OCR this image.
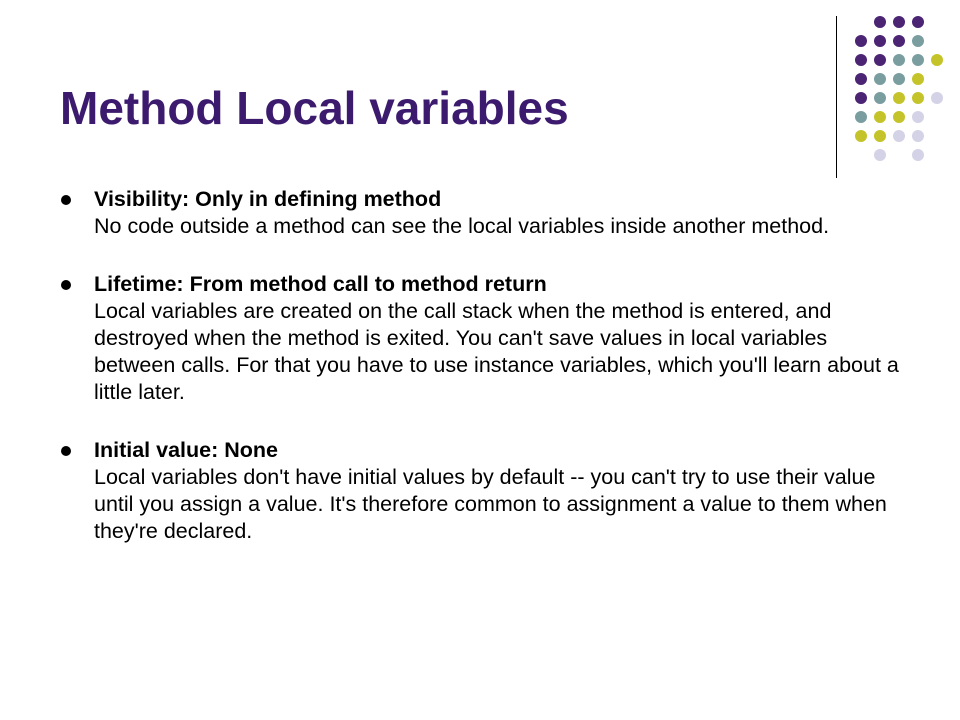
Method Local variables
Visibility: Only in defining method
No code outside a method can see the local variables inside another method.
Lifetime: From method call to method return
Local variables are created on the call stack when the method is entered, and destroyed when the method is exited. You can't save values in local variables between calls. For that you have to use instance variables, which you'll learn about a little later.
Initial value: None
Local variables don't have initial values by default -- you can't try to use their value until you assign a value. It's therefore common to assignment a value to them when they're declared.
